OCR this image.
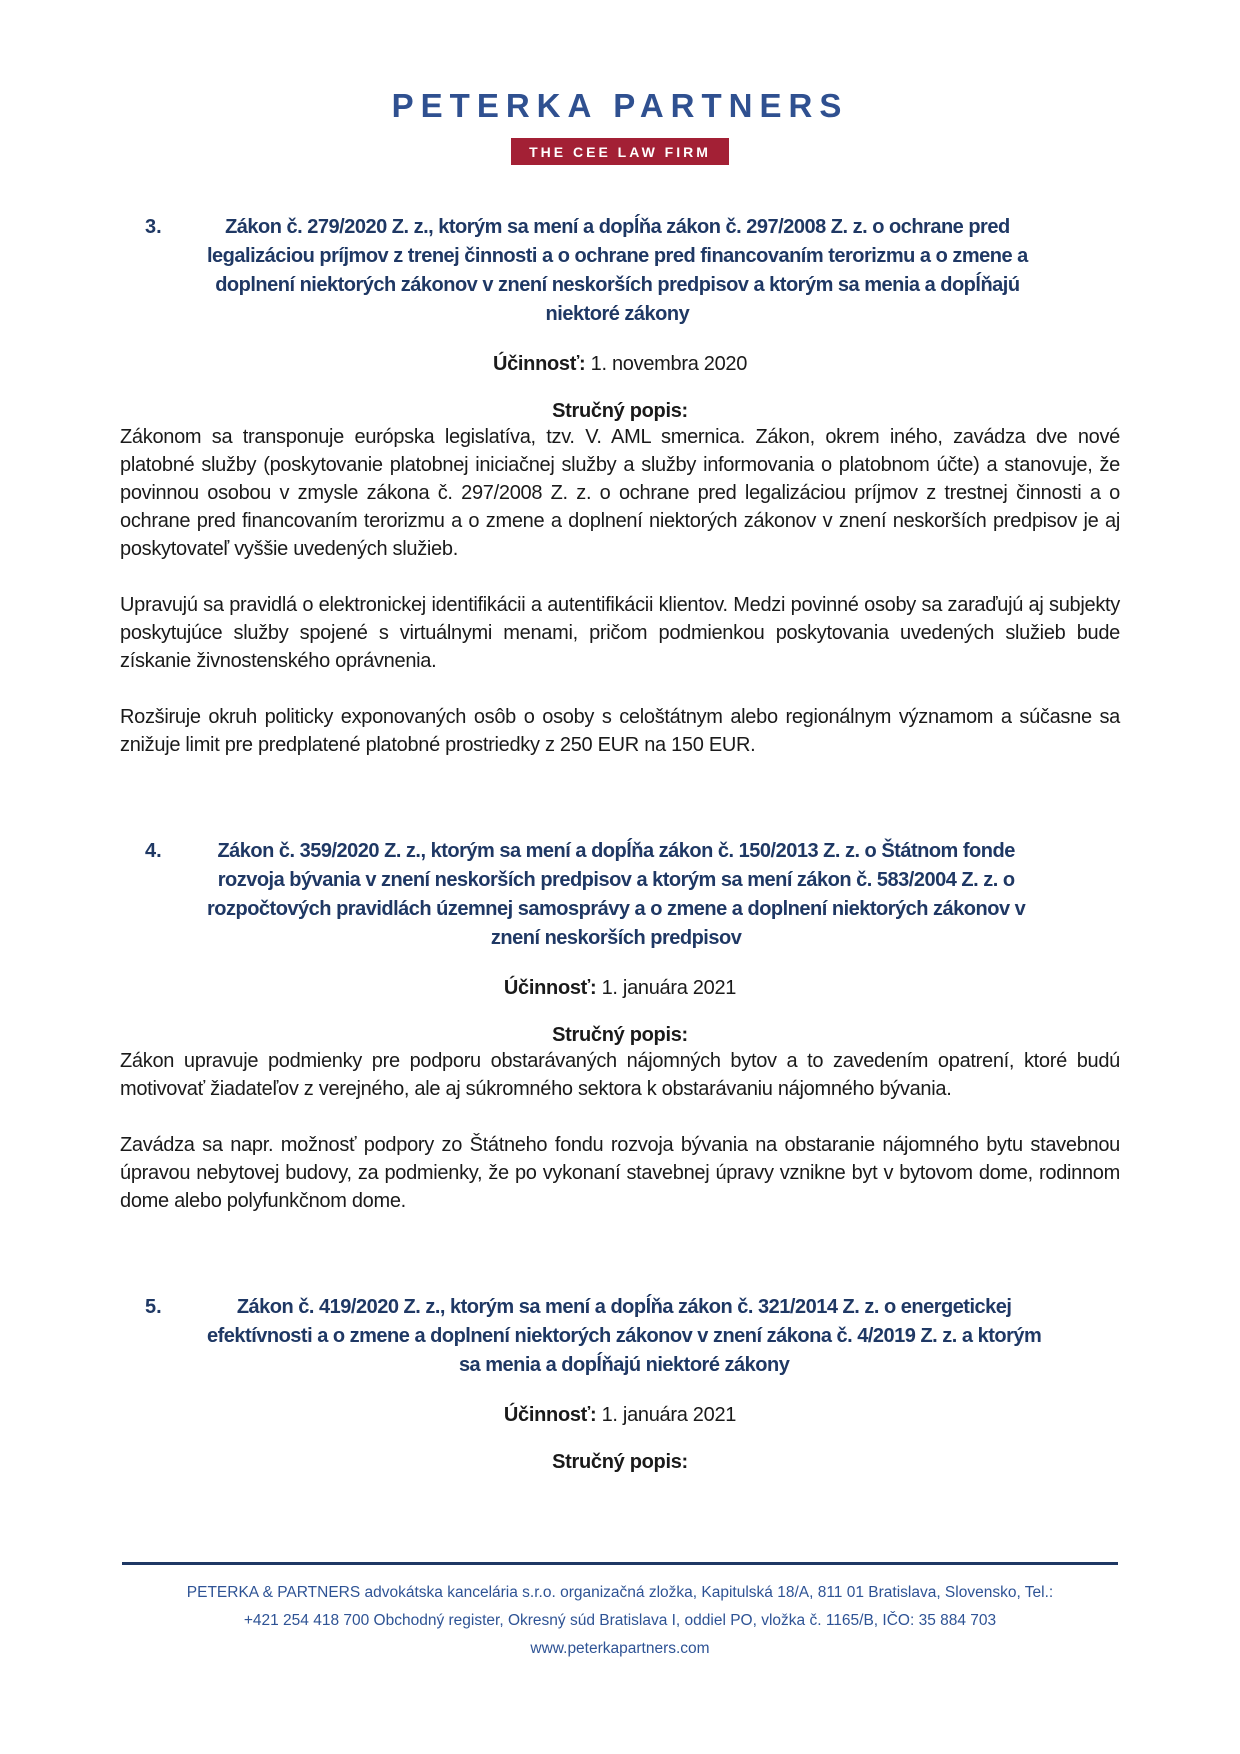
PETERKA PARTNERS
THE CEE LAW FIRM
3.	Zákon č. 279/2020 Z. z., ktorým sa mení a dopĺňa zákon č. 297/2008 Z. z. o ochrane pred
legalizáciou príjmov z trenej činnosti a o ochrane pred financovaním terorizmu a o zmene a
doplnení niektorých zákonov v znení neskorších predpisov a ktorým sa menia a dopĺňajú
niektoré zákony
Účinnosť: 1. novembra 2020
Stručný popis:

Zákonom sa transponuje európska legislatíva, tzv. V. AML smernica. Zákon, okrem iného, zavádza dve nové platobné služby (poskytovanie platobnej iniciačnej služby a služby informovania o platobnom účte) a stanovuje, že povinnou osobou v zmysle zákona č. 297/2008 Z. z. o ochrane pred legalizáciou príjmov z trestnej činnosti a o ochrane pred financovaním terorizmu a o zmene a doplnení niektorých zákonov v znení neskorších predpisov je aj poskytovateľ vyššie uvedených služieb.

Upravujú sa pravidlá o elektronickej identifikácii a autentifikácii klientov. Medzi povinné osoby sa zaraďujú aj subjekty poskytujúce služby spojené s virtuálnymi menami, pričom podmienkou poskytovania uvedených služieb bude získanie živnostenského oprávnenia.

Rozširuje okruh politicky exponovaných osôb o osoby s celoštátnym alebo regionálnym významom a súčasne sa znižuje limit pre predplatené platobné prostriedky z 250 EUR na 150 EUR.

4.	Zákon č. 359/2020 Z. z., ktorým sa mení a dopĺňa zákon č. 150/2013 Z. z. o Štátnom fonde
rozvoja bývania v znení neskorších predpisov a ktorým sa mení zákon č. 583/2004 Z. z. o
rozpočtových pravidlách územnej samosprávy a o zmene a doplnení niektorých zákonov v
znení neskorších predpisov
Účinnosť: 1. januára 2021
Stručný popis:

Zákon upravuje podmienky pre podporu obstarávaných nájomných bytov a to zavedením opatrení, ktoré budú motivovať žiadateľov z verejného, ale aj súkromného sektora k obstarávaniu nájomného bývania.

Zavádza sa napr. možnosť podpory zo Štátneho fondu rozvoja bývania na obstaranie nájomného bytu stavebnou úpravou nebytovej budovy, za podmienky, že po vykonaní stavebnej úpravy vznikne byt v bytovom dome, rodinnom dome alebo polyfunkčnom dome.

5.	Zákon č. 419/2020 Z. z., ktorým sa mení a dopĺňa zákon č. 321/2014 Z. z. o energetickej
efektívnosti a o zmene a doplnení niektorých zákonov v znení zákona č. 4/2019 Z. z. a ktorým
sa menia a dopĺňajú niektoré zákony
Účinnosť: 1. januára 2021
Stručný popis:
PETERKA & PARTNERS advokátska kancelária s.r.o. organizačná zložka, Kapitulská 18/A, 811 01 Bratislava, Slovensko, Tel.:
+421 254 418 700 Obchodný register, Okresný súd Bratislava I, oddiel PO, vložka č. 1165/B, IČO: 35 884 703
www.peterkapartners.com
